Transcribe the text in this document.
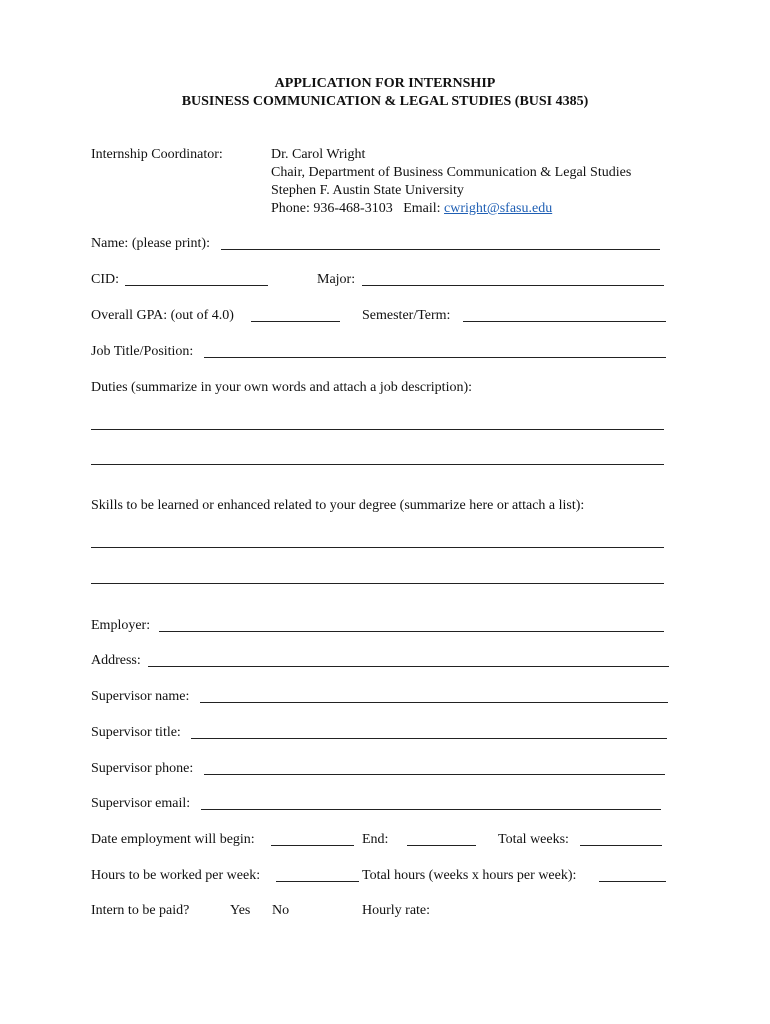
APPLICATION FOR INTERNSHIP
BUSINESS COMMUNICATION & LEGAL STUDIES (BUSI 4385)
Internship Coordinator:	Dr. Carol Wright
Chair, Department of Business Communication & Legal Studies
Stephen F. Austin State University
Phone: 936-468-3103   Email: cwright@sfasu.edu
Name: (please print):
CID:	Major:
Overall GPA: (out of 4.0)	Semester/Term:
Job Title/Position:
Duties (summarize in your own words and attach a job description):
Skills to be learned or enhanced related to your degree (summarize here or attach a list):
Employer:
Address:
Supervisor name:
Supervisor title:
Supervisor phone:
Supervisor email:
Date employment will begin:	End:	Total weeks:
Hours to be worked per week:	Total hours (weeks x hours per week):
Intern to be paid?	Yes No	Hourly rate:
